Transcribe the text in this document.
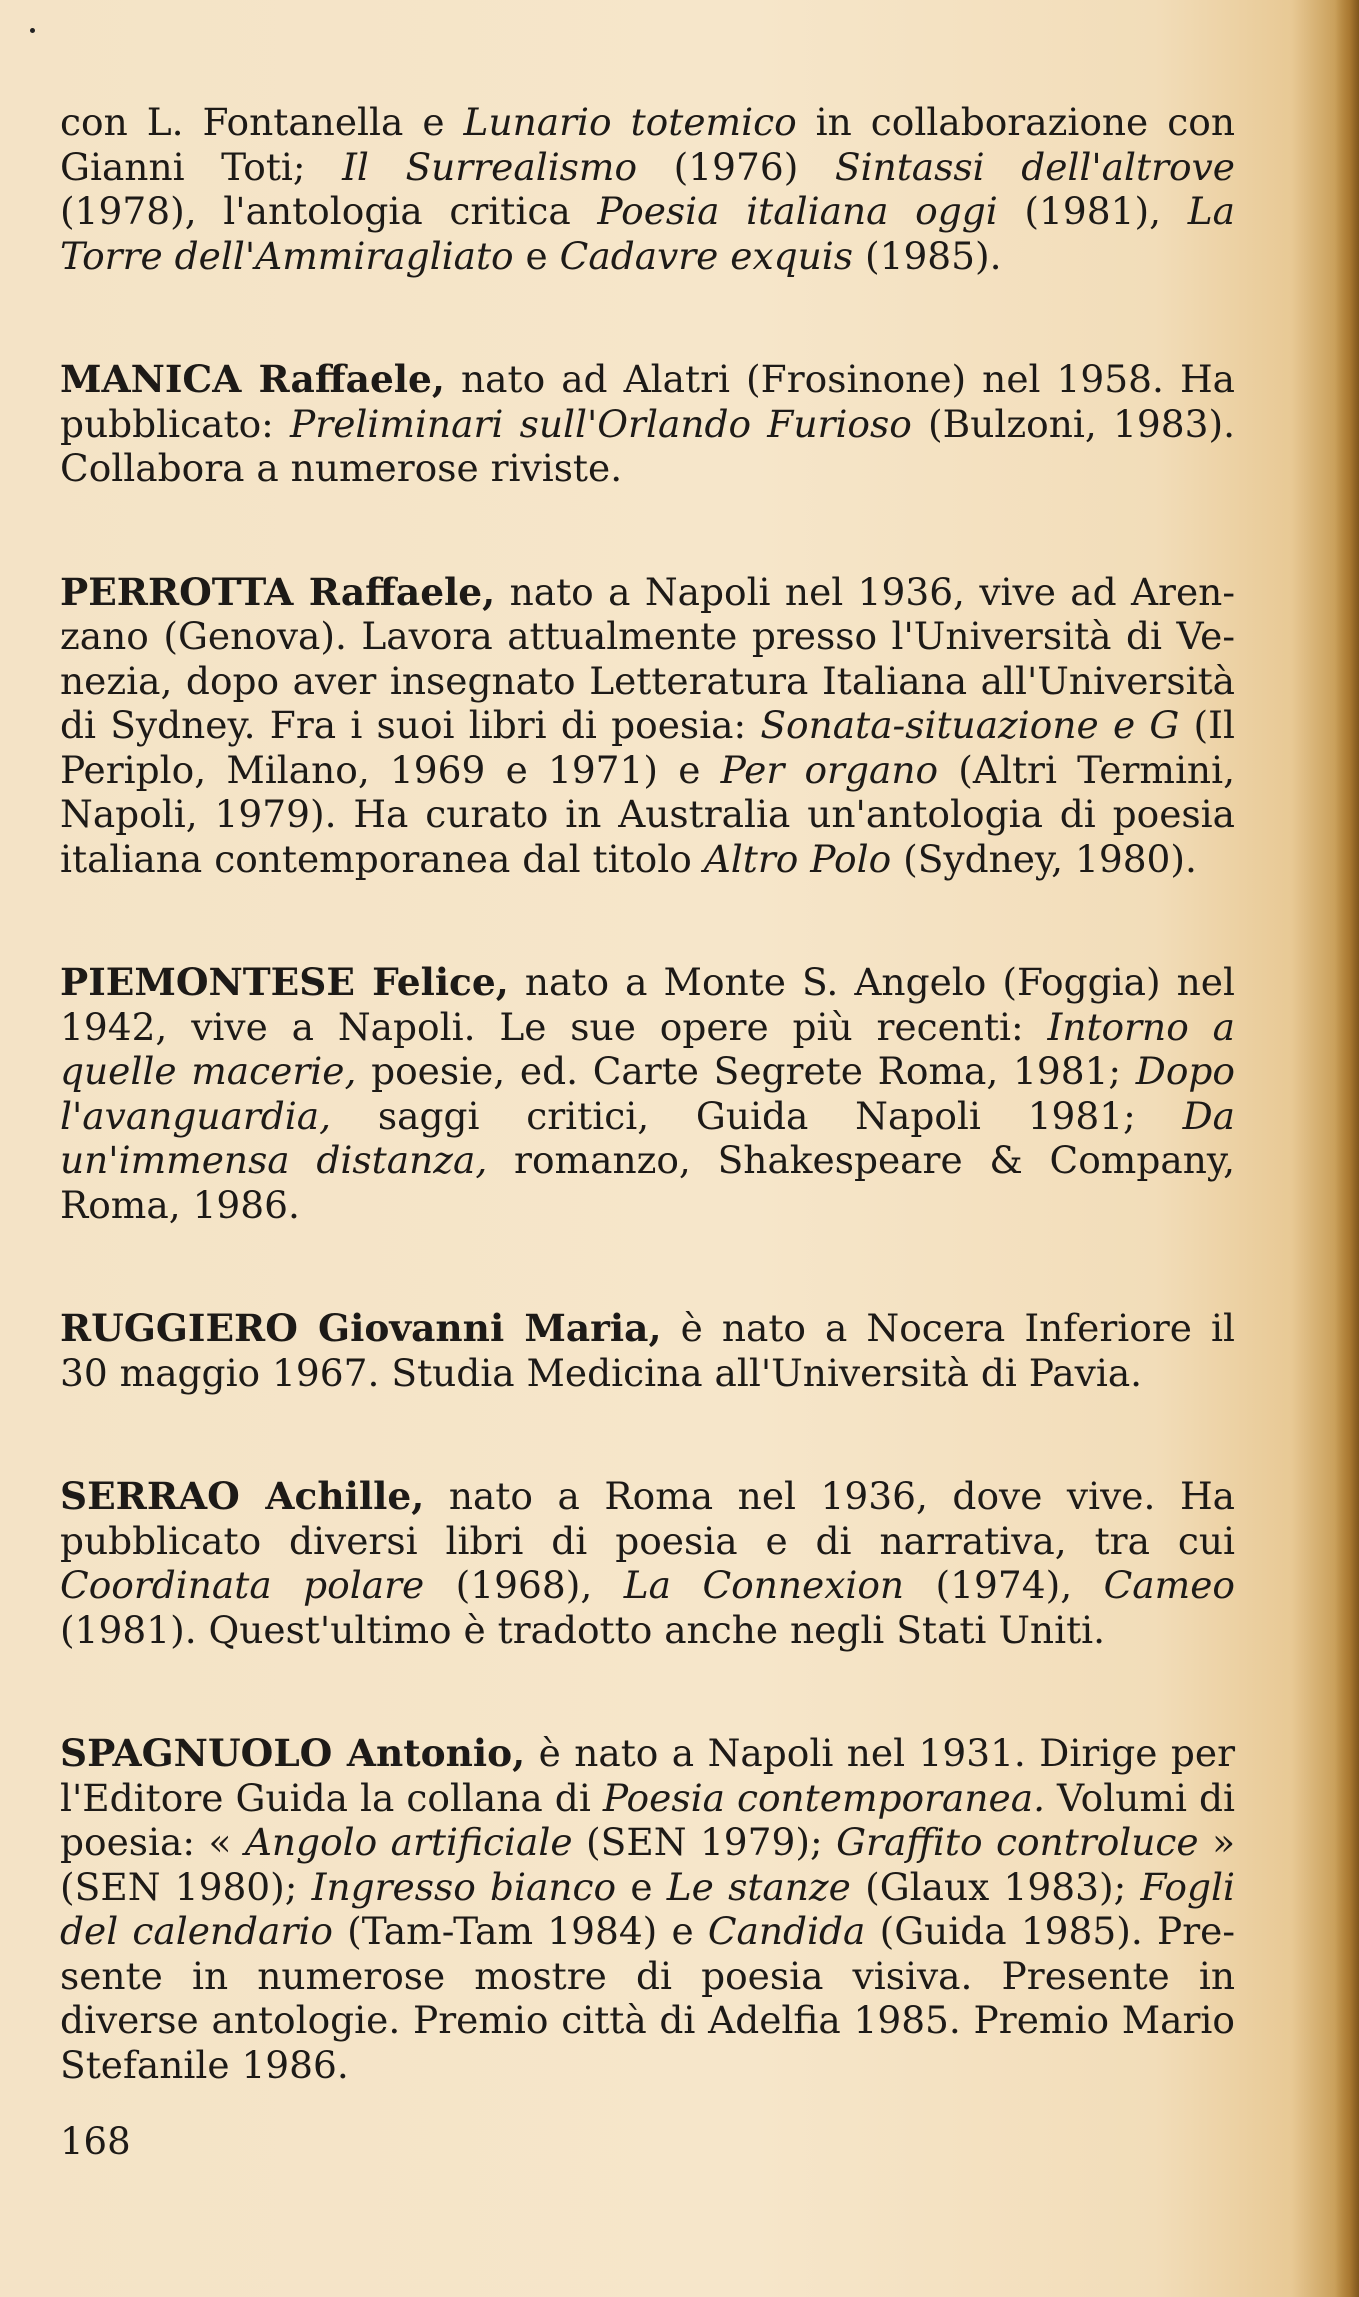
con L. Fontanella e Lunario totemico in collaborazione con Gianni Toti; Il Surrealismo (1976) Sintassi dell'altrove (1978), l'antologia critica Poesia italiana oggi (1981), La Torre dell'Ammiragliato e Cadavre exquis (1985).

MANICA Raffaele, nato ad Alatri (Frosinone) nel 1958. Ha pubblicato: Preliminari sull'Orlando Furioso (Bulzoni, 1983). Collabora a numerose riviste.

PERROTTA Raffaele, nato a Napoli nel 1936, vive ad Arenzano (Genova). Lavora attualmente presso l'Università di Venezia, dopo aver insegnato Letteratura Italiana all'Università di Sydney. Fra i suoi libri di poesia: Sonata-situazione e G (Il Periplo, Milano, 1969 e 1971) e Per organo (Altri Termini, Napoli, 1979). Ha curato in Australia un'antologia di poesia italiana contemporanea dal titolo Altro Polo (Sydney, 1980).

PIEMONTESE Felice, nato a Monte S. Angelo (Foggia) nel 1942, vive a Napoli. Le sue opere più recenti: Intorno a quelle macerie, poesie, ed. Carte Segrete Roma, 1981; Dopo l'avanguardia, saggi critici, Guida Napoli 1981; Da un'immensa distanza, romanzo, Shakespeare & Company, Roma, 1986.

RUGGIERO Giovanni Maria, è nato a Nocera Inferiore il 30 maggio 1967. Studia Medicina all'Università di Pavia.

SERRAO Achille, nato a Roma nel 1936, dove vive. Ha pubblicato diversi libri di poesia e di narrativa, tra cui Coordinata polare (1968), La Connexion (1974), Cameo (1981). Quest'ultimo è tradotto anche negli Stati Uniti.

SPAGNUOLO Antonio, è nato a Napoli nel 1931. Dirige per l'Editore Guida la collana di Poesia contemporanea. Volumi di poesia: « Angolo artificiale (SEN 1979); Graffito controluce » (SEN 1980); Ingresso bianco e Le stanze (Glaux 1983); Fogli del calendario (Tam-Tam 1984) e Candida (Guida 1985). Presente in numerose mostre di poesia visiva. Presente in diverse antologie. Premio città di Adelfia 1985. Premio Mario Stefanile 1986.

168
